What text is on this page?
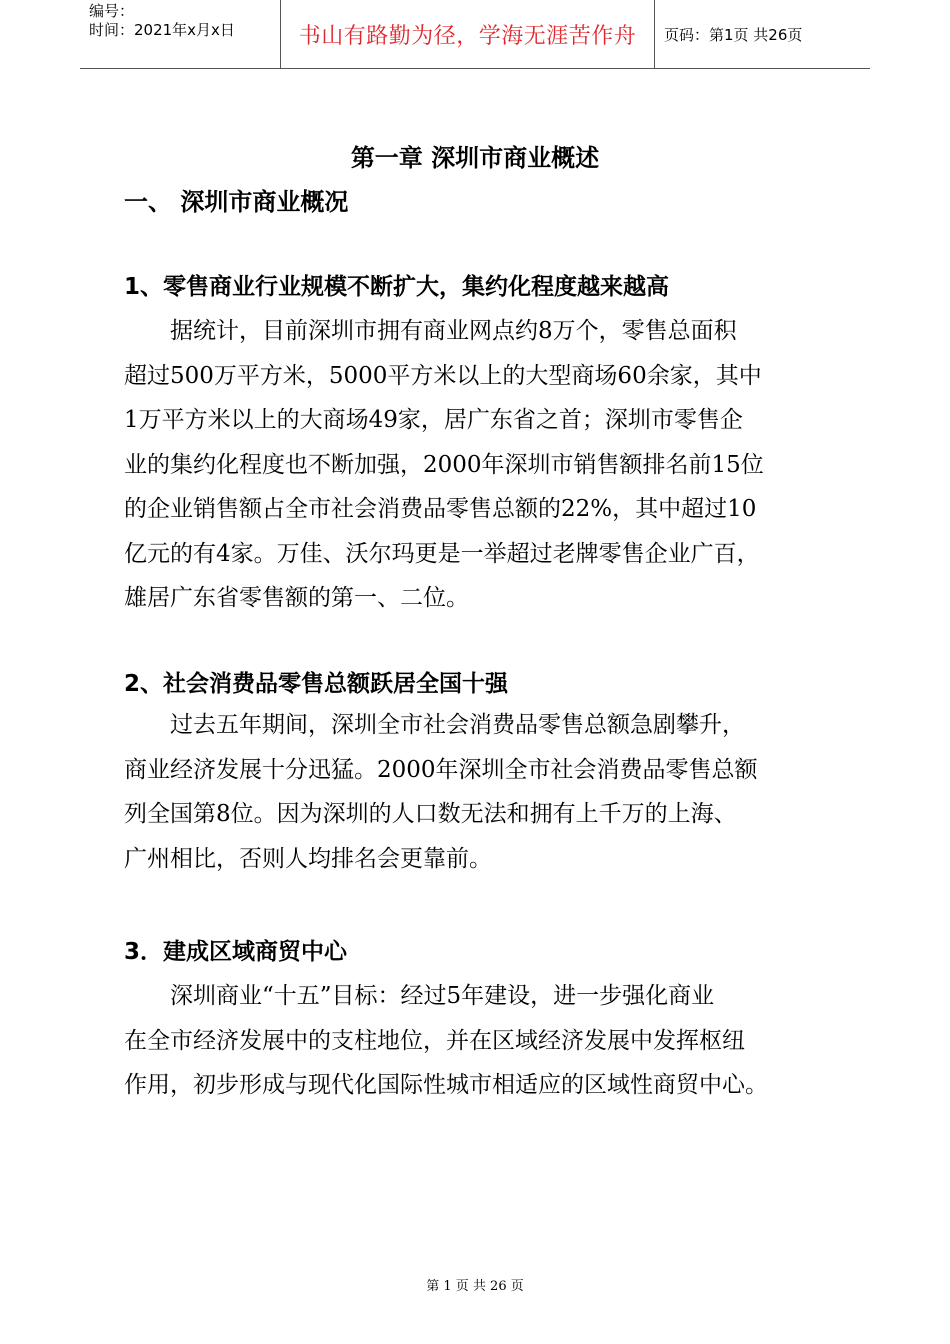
编号：
时间：2021年x月x日	书山有路勤为径，学海无涯苦作舟	页码：第1页 共26页
第一章 深圳市商业概述
一、 深圳市商业概况
1、零售商业行业规模不断扩大，集约化程度越来越高
据统计，目前深圳市拥有商业网点约8万个，零售总面积
超过500万平方米，5000平方米以上的大型商场60余家，其中
1万平方米以上的大商场49家，居广东省之首；深圳市零售企
业的集约化程度也不断加强，2000年深圳市销售额排名前15位
的企业销售额占全市社会消费品零售总额的22%，其中超过10
亿元的有4家。万佳、沃尔玛更是一举超过老牌零售企业广百，
雄居广东省零售额的第一、二位。
2、社会消费品零售总额跃居全国十强
过去五年期间，深圳全市社会消费品零售总额急剧攀升，
商业经济发展十分迅猛。2000年深圳全市社会消费品零售总额
列全国第8位。因为深圳的人口数无法和拥有上千万的上海、
广州相比，否则人均排名会更靠前。
3．建成区域商贸中心
深圳商业“十五”目标：经过5年建设，进一步强化商业
在全市经济发展中的支柱地位，并在区域经济发展中发挥枢纽
作用，初步形成与现代化国际性城市相适应的区域性商贸中心。
第 1 页 共 26 页
